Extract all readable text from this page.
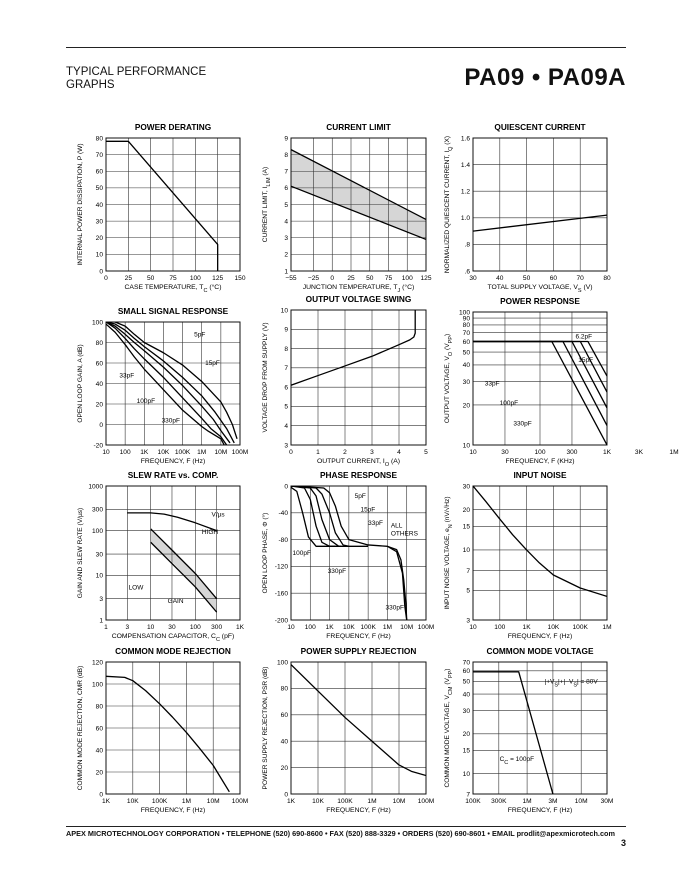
TYPICAL PERFORMANCE
GRAPHS	PA09 • PA09A
POWER DERATING
0	25 50 75 100 125 150
0
10
20
30
40
50
60
70
80
CASE TEMPERATURE, $T_C$ (°C)
INTERNAL POWER DISSIPATION, P (W)
CURRENT LIMIT
−55 −25 0 25 50 75 100 125
1
2
3
4
5
6
7
8
9
JUNCTION TEMPERATURE, $T_J$ (°C)
CURRENT LIMIT, $I_{LIM}$ (A)
QUIESCENT CURRENT
30	40	50	60	70	80
.6
.8
1.0
1.2
1.4
1.6
TOTAL SUPPLY VOLTAGE, $V_S$ (V)
NORMALIZED QUIESCENT CURRENT, $I_Q$ (X)
SMALL SIGNAL RESPONSE
10 100 1K 10K 100K 1M 10M 100M
-20
0
20
40
60
80
100
FREQUENCY, F (Hz)
OPEN LOOP GAIN, A (dB)
5pF
15pF
33pF
100pF
330pF
OUTPUT VOLTAGE SWING
0	1	2	3	4	5
3
4
5
6
7
8
9
10
OUTPUT CURRENT, $I_O$ (A)
VOLTAGE DROP FROM SUPPLY (V)
POWER RESPONSE
10	30	100	300	1K	3K	1M
10
20
30
40
50
60
70
80
90
100
FREQUENCY, F (KHz)
OUTPUT VOLTAGE, $V_O$ $(V_{PP})$	6.2pF
15pF
33pF
100pF
330pF
SLEW RATE vs. COMP.
1	3	10 30 100 300 1K
1
3
10
30
100
300
1000
COMPENSATION CAPACITOR, $C_C$ (pF)
GAIN AND SLEW RATE (V/µs)	V/µs
HIGH
LOW
GAIN
PHASE RESPONSE
10 100 1K 10K 100K 1M 10M 100M
-200
-160
-120
-80
-40
0
FREQUENCY, F (Hz)
OPEN LOOP PHASE, Φ (°)
5pF
15pF
33pF ALL
OTHERS
100pF
330pF
330pF
INPUT NOISE
10	100	1K	10K 100K 1M
3
5
7
10
15
20
30
FREQUENCY, F (Hz)
INPUT NOISE VOLTAGE, $e_N$ (nV/√Hz)
COMMON MODE REJECTION
1K	10K 100K 1M 10M 100M
0
20
40
60
80
100
120
FREQUENCY, F (Hz)
COMMON MODE REJECTION, CMR (dB)
POWER SUPPLY REJECTION
1K	10K 100K 1M 10M 100M
0
20
40
60
80
100
FREQUENCY, F (Hz)
POWER SUPPLY REJECTION, PSR (dB)
COMMON MODE VOLTAGE
100K 300K 1M	3M	10M 30M
7
10
15
20
30
40
50
60
70
FREQUENCY, F (Hz)
COMMON MODE VOLTAGE, $V_{CM}$ $(V_{PP})$
$|+V_S|+|-V_S| = 80V$
$C_C = 100pF$
APEX MICROTECHNOLOGY CORPORATION • TELEPHONE (520) 690-8600 • FAX (520) 888-3329 • ORDERS (520) 690-8601 • EMAIL prodlit@apexmicrotech.com
3
